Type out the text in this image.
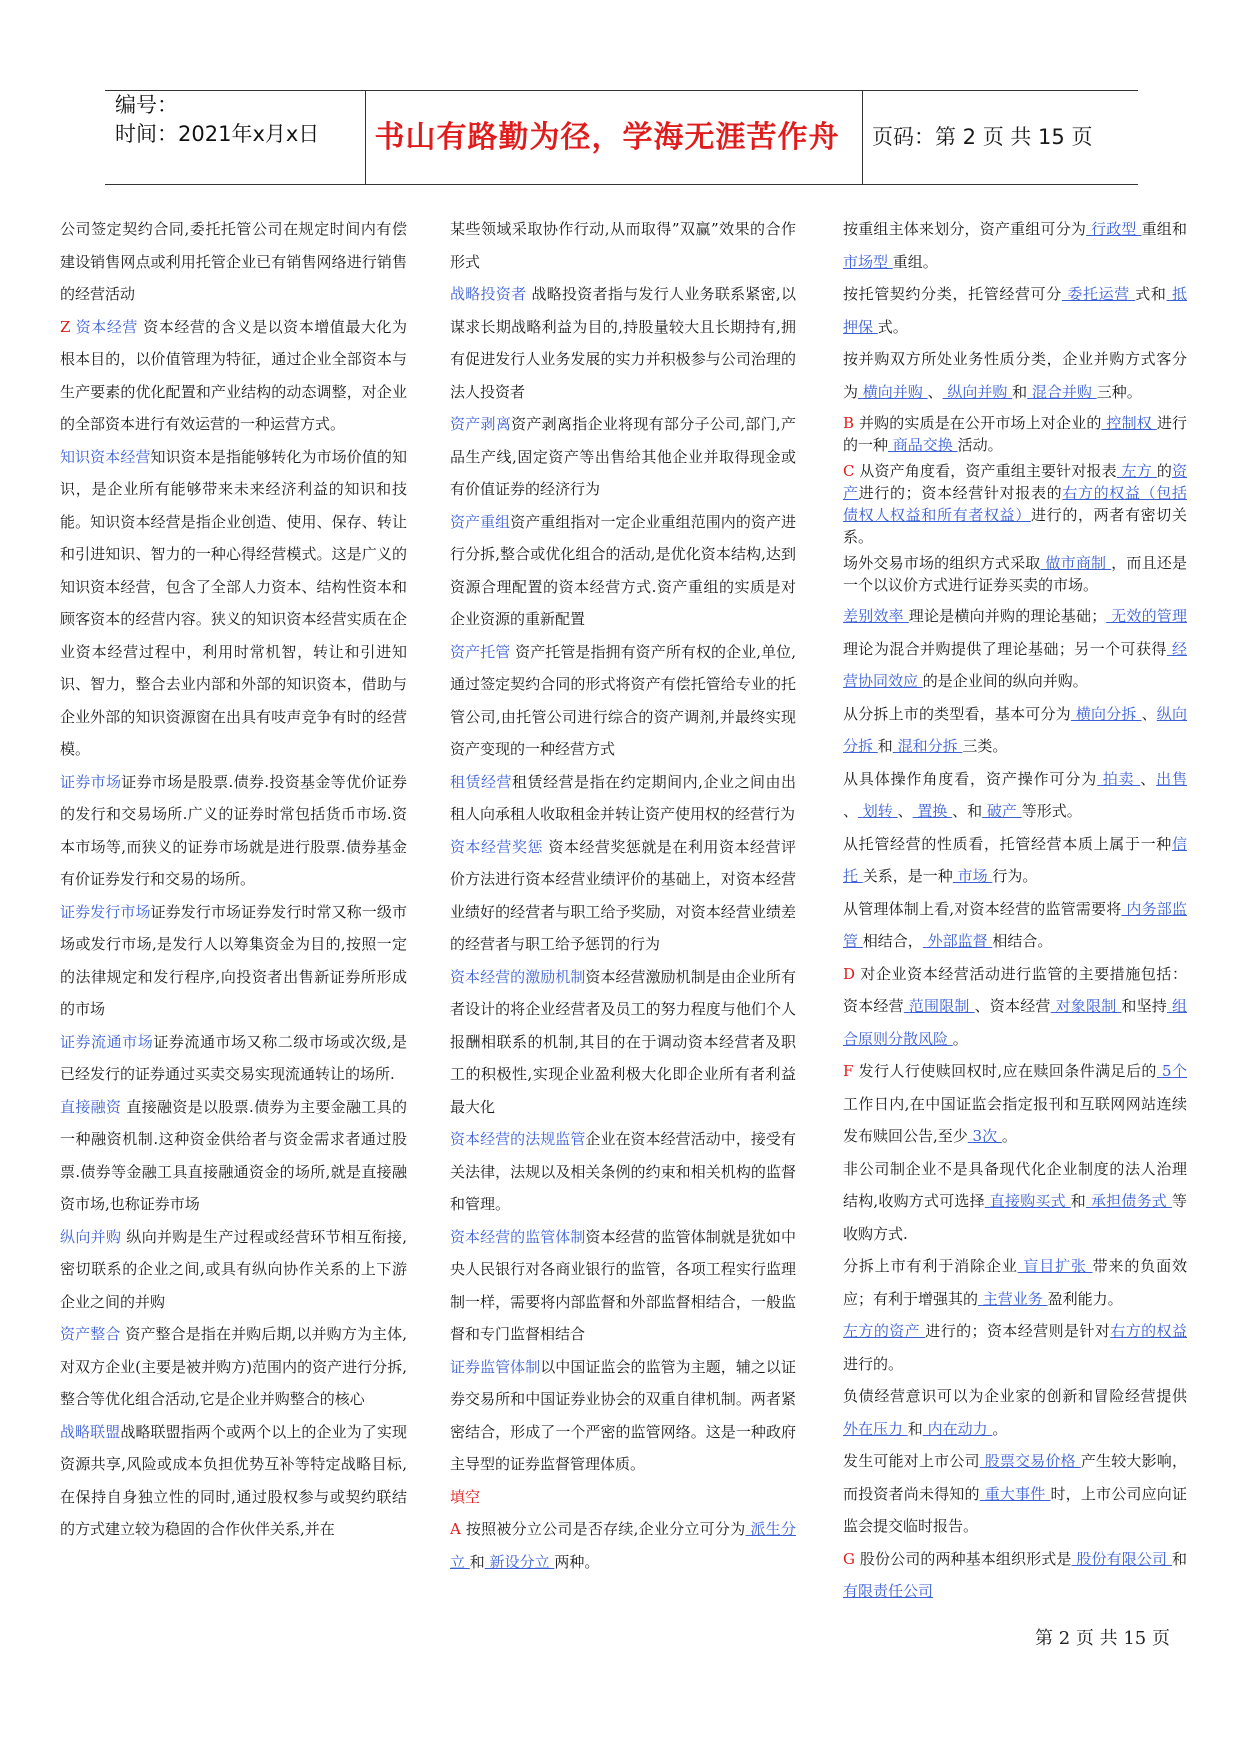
编号：
时间：2021年x月x日	书山有路勤为径，学海无涯苦作舟	页码：第 2 页 共 15 页

公司签定契约合同,委托托管公司在规定时间内有偿建设销售网点或利用托管企业已有销售网络进行销售的经营活动

Z 资本经营 资本经营的含义是以资本增值最大化为根本目的，以价值管理为特征，通过企业全部资本与生产要素的优化配置和产业结构的动态调整，对企业的全部资本进行有效运营的一种运营方式。

知识资本经营知识资本是指能够转化为市场价值的知识，是企业所有能够带来未来经济利益的知识和技能。知识资本经营是指企业创造、使用、保存、转让和引进知识、智力的一种心得经营模式。这是广义的知识资本经营，包含了全部人力资本、结构性资本和顾客资本的经营内容。狭义的知识资本经营实质在企业资本经营过程中，利用时常机智，转让和引进知识、智力，整合去业内部和外部的知识资本，借助与企业外部的知识资源窗在出具有吱声竞争有时的经营模。

证券市场证券市场是股票.债券.投资基金等优价证券的发行和交易场所.广义的证券时常包括货币市场.资本市场等,而狭义的证券市场就是进行股票.债券基金有价证券发行和交易的场所。

证券发行市场证券发行市场证券发行时常又称一级市场或发行市场,是发行人以筹集资金为目的,按照一定的法律规定和发行程序,向投资者出售新证券所形成的市场

证券流通市场证券流通市场又称二级市场或次级,是已经发行的证券通过买卖交易实现流通转让的场所.

直接融资 直接融资是以股票.债券为主要金融工具的一种融资机制.这种资金供给者与资金需求者通过股票.债券等金融工具直接融通资金的场所,就是直接融资市场,也称证券市场

纵向并购 纵向并购是生产过程或经营环节相互衔接,密切联系的企业之间,或具有纵向协作关系的上下游企业之间的并购

资产整合 资产整合是指在并购后期,以并购方为主体,对双方企业(主要是被并购方)范围内的资产进行分拆,整合等优化组合活动,它是企业并购整合的核心

战略联盟战略联盟指两个或两个以上的企业为了实现资源共享,风险或成本负担优势互补等特定战略目标,在保持自身独立性的同时,通过股权参与或契约联结的方式建立较为稳固的合作伙伴关系,并在

某些领域采取协作行动,从而取得”双赢”效果的合作形式

战略投资者 战略投资者指与发行人业务联系紧密,以谋求长期战略利益为目的,持股量较大且长期持有,拥有促进发行人业务发展的实力并积极参与公司治理的法人投资者

资产剥离资产剥离指企业将现有部分子公司,部门,产品生产线,固定资产等出售给其他企业并取得现金或有价值证券的经济行为

资产重组资产重组指对一定企业重组范围内的资产进行分拆,整合或优化组合的活动,是优化资本结构,达到资源合理配置的资本经营方式.资产重组的实质是对企业资源的重新配置

资产托管 资产托管是指拥有资产所有权的企业,单位,通过签定契约合同的形式将资产有偿托管给专业的托管公司,由托管公司进行综合的资产调剂,并最终实现资产变现的一种经营方式

租赁经营租赁经营是指在约定期间内,企业之间由出租人向承租人收取租金并转让资产使用权的经营行为

资本经营奖惩 资本经营奖惩就是在利用资本经营评价方法进行资本经营业绩评价的基础上，对资本经营业绩好的经营者与职工给予奖励，对资本经营业绩差的经营者与职工给予惩罚的行为

资本经营的激励机制资本经营激励机制是由企业所有者设计的将企业经营者及员工的努力程度与他们个人报酬相联系的机制,其目的在于调动资本经营者及职工的积极性,实现企业盈利极大化即企业所有者利益最大化

资本经营的法规监管企业在资本经营活动中，接受有关法律，法规以及相关条例的约束和相关机构的监督和管理。

资本经营的监管体制资本经营的监管体制就是犹如中央人民银行对各商业银行的监管，各项工程实行监理制一样，需要将内部监督和外部监督相结合，一般监督和专门监督相结合

证券监管体制以中国证监会的监管为主题，辅之以证券交易所和中国证券业协会的双重自律机制。两者紧密结合，形成了一个严密的监管网络。这是一种政府主导型的证券监督管理体质。

填空

A 按照被分立公司是否存续,企业分立可分为 派生分立 和 新设分立 两种。

按重组主体来划分，资产重组可分为 行政型 重组和 市场型 重组。

按托管契约分类，托管经营可分 委托运营 式和 抵押保 式。

按并购双方所处业务性质分类，企业并购方式客分为 横向并购 、 纵向并购 和 混合并购 三种。

B 并购的实质是在公开市场上对企业的 控制权 进行的一种 商品交换 活动。

C 从资产角度看，资产重组主要针对报表 左方 的资产进行的；资本经营针对报表的右方的权益（包括债权人权益和所有者权益）进行的，两者有密切关系。

场外交易市场的组织方式采取 做市商制 ，而且还是一个以议价方式进行证券买卖的市场。

差别效率 理论是横向并购的理论基础； 无效的管理 理论为混合并购提供了理论基础；另一个可获得 经营协同效应 的是企业间的纵向并购。

从分拆上市的类型看，基本可分为 横向分拆 、纵向分拆 和 混和分拆 三类。

从具体操作角度看，资产操作可分为 拍卖 、出售 、 划转 、 置换 、和 破产 等形式。

从托管经营的性质看，托管经营本质上属于一种信托 关系，是一种 市场 行为。

从管理体制上看,对资本经营的监管需要将 内务部监管 相结合， 外部监督 相结合。

D 对企业资本经营活动进行监管的主要措施包括：资本经营 范围限制 、资本经营 对象限制 和坚持 组合原则分散风险 。

F 发行人行使赎回权时,应在赎回条件满足后的 5个 工作日内,在中国证监会指定报刊和互联网网站连续发布赎回公告,至少 3次 。

非公司制企业不是具备现代化企业制度的法人治理结构,收购方式可选择 直接购买式 和 承担债务式 等收购方式.

分拆上市有利于消除企业 盲目扩张 带来的负面效应；有利于增强其的 主营业务 盈利能力。

左方的资产 进行的；资本经营则是针对右方的权益 进行的。

负债经营意识可以为企业家的创新和冒险经营提供 外在压力 和 内在动力 。

发生可能对上市公司 股票交易价格 产生较大影响，而投资者尚未得知的 重大事件 时，上市公司应向证监会提交临时报告。

G 股份公司的两种基本组织形式是 股份有限公司 和 有限责任公司

第 2 页 共 15 页
